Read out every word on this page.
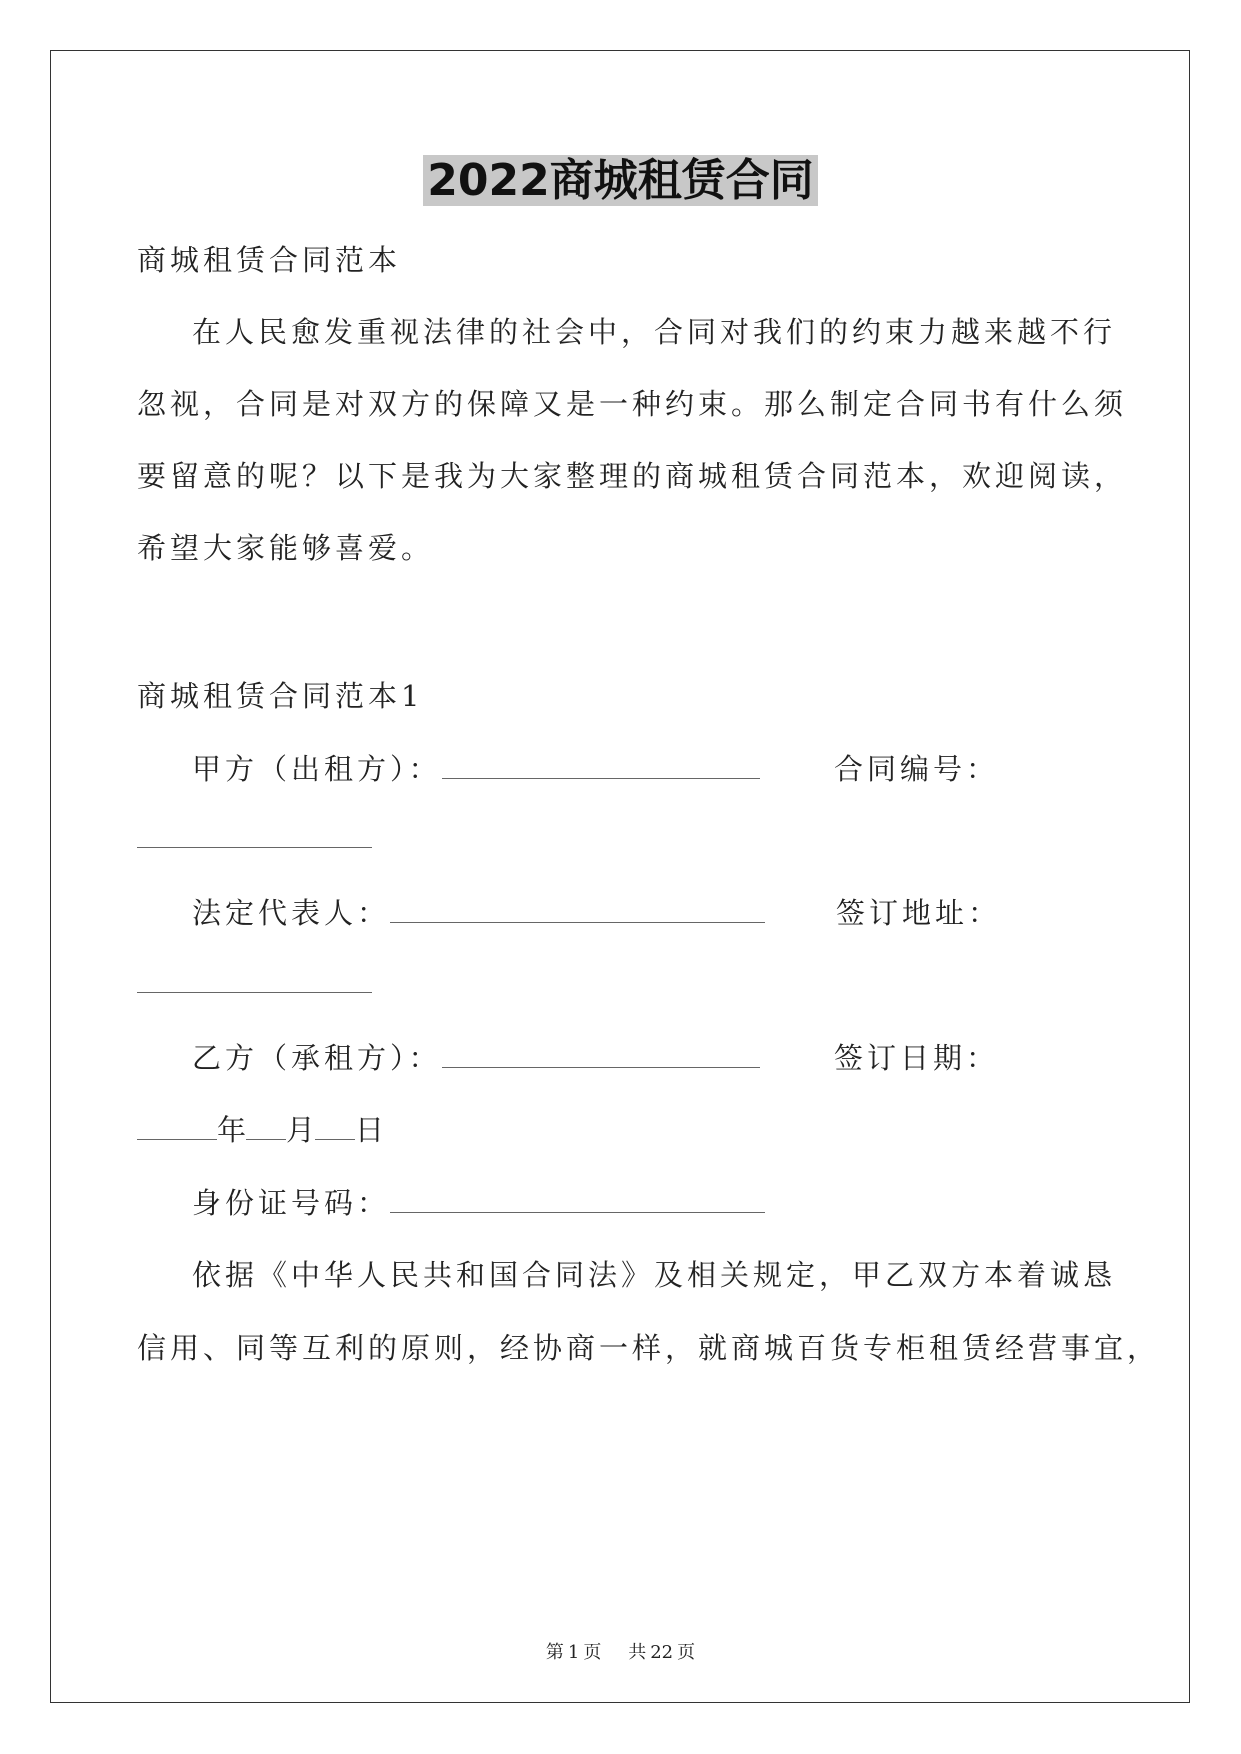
2022商城租赁合同
商城租赁合同范本
在人民愈发重视法律的社会中，合同对我们的约束力越来越不行
忽视，合同是对双方的保障又是一种约束。那么制定合同书有什么须
要留意的呢？以下是我为大家整理的商城租赁合同范本，欢迎阅读，
希望大家能够喜爱。
商城租赁合同范本1
甲方（出租方）：	合同编号：
法定代表人：	签订地址：
乙方（承租方）：	签订日期：
年 月 日
身份证号码：
依据《中华人民共和国合同法》及相关规定，甲乙双方本着诚恳
信用、同等互利的原则，经协商一样，就商城百货专柜租赁经营事宜，
第 1 页 共 22 页
